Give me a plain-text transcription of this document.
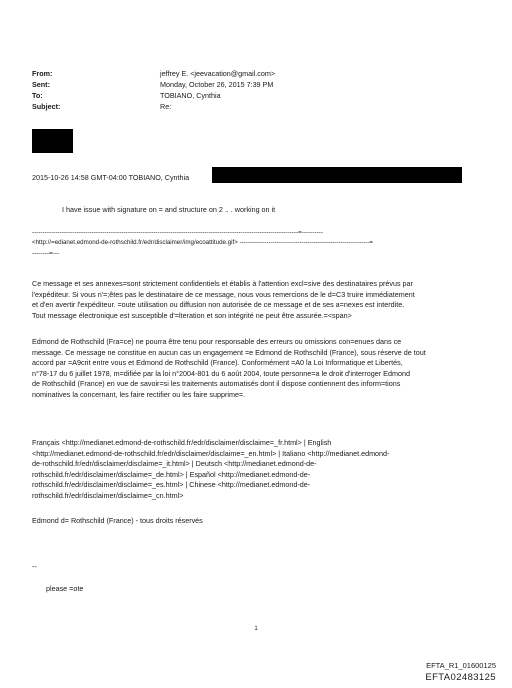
From:	jeffrey E. <jeevacation@gmail.com>
Sent:	Monday, October 26, 2015 7:39 PM
To:	TOBIANO, Cynthia
Subject:	Re:
2015-10-26 14:58 GMT-04:00 TOBIANO, Cynthia
I have issue with signature on = and structure on 2 .. . working on it
-----------------------------------------------------------------------------------------------------------------------------=----------
<http://=edianet.edmond-de-rothschild.fr/edr/disclaimer/img/ecoattitude.gif> ---------------------------------------------------------------=
--------=---
Ce message et ses annexes=sont strictement confidentiels et établis à l'attention excl=sive des destinataires prévus par
l'expéditeur. Si vous n'=;êtes pas le destinataire de ce message, nous vous remercions de le d=C3 truire immédiatement
et d'en avertir l'expéditeur. =oute utilisation ou diffusion non autorisée de ce message et de ses a=nexes est interdite.
Tout message électronique est susceptible d'=lteration et son intégrité ne peut être assurée.=<span>
Edmond de Rothschild (Fra=ce) ne pourra être tenu pour responsable des erreurs ou omissions con=enues dans ce
message. Ce message ne constitue en aucun cas un engagement =e Edmond de Rothschild (France), sous réserve de tout
accord par =A9crit entre vous et Edmond de Rothschild (France). Conformément =A0 la Loi Informatique et Libertés,
n°78-17 du 6 juillet 1978, m=difiée par la loi n°2004-801 du 6 août 2004, toute personne=a le droit d'interroger Edmond
de Rothschild (France) en vue de savoir=si les traitements automatisés dont il dispose contiennent des inform=tions
nominatives la concernant, les faire rectifier ou les faire supprime=.
Français <http://medianet.edmond-de-rothschild.fr/edr/disclaimer/disclaime=_fr.html> | English
<http://medianet.edmond-de-rothschild.fr/edr/disclaimer/disclaime=_en.html> | Italiano <http://medianet.edmond-
de-rothschild.fr/edr/disclaimer/disclaime=_it.html> | Deutsch <http://medianet.edmond-de-
rothschild.fr/edr/disclaimer/disclaime=_de.html> | Español <http://medianet.edmond-de-
rothschild.fr/edr/disclaimer/disclaime=_es.html> | Chinese <http://medianet.edmond-de-
rothschild.fr/edr/disclaimer/disclaime=_cn.html>
Edmond d= Rothschild (France) - tous droits réservés
--
please =ote
1
EFTA_R1_01600125
EFTA02483125
